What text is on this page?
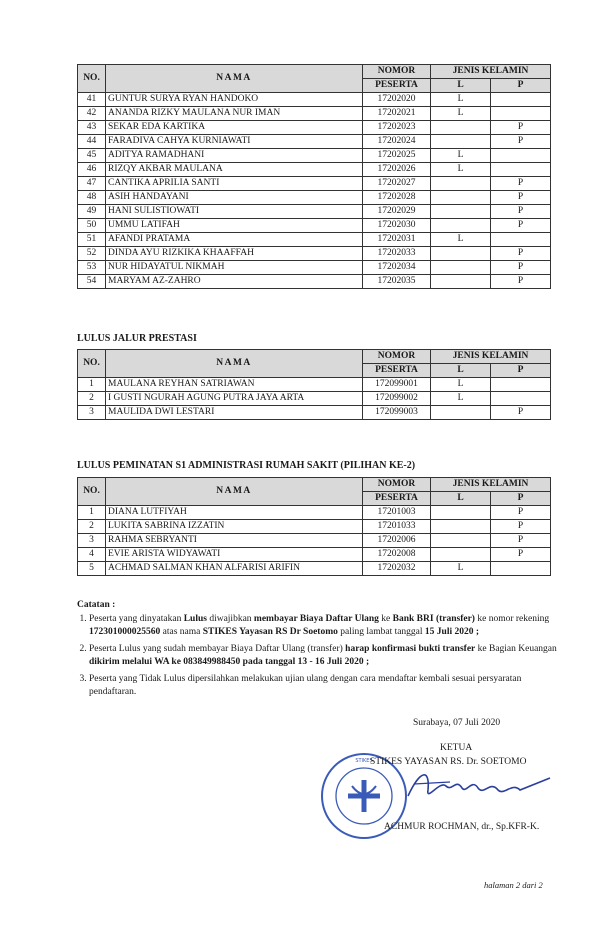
NO.	NAMA	NOMOR	JENIS KELAMIN	
		PESERTA	L	P
41	GUNTUR SURYA RYAN HANDOKO	17202020	L	
42	ANANDA RIZKY MAULANA NUR IMAN	17202021	L	
43	SEKAR EDA KARTIKA	17202023		P
44	FARADIVA CAHYA KURNIAWATI	17202024		P
45	ADITYA RAMADHANI	17202025	L	
46	RIZQY AKBAR MAULANA	17202026	L	
47	CANTIKA APRILIA SANTI	17202027		P
48	ASIH HANDAYANI	17202028		P
49	HANI SULISTIOWATI	17202029		P
50	UMMU LATIFAH	17202030		P
51	AFANDI PRATAMA	17202031	L	
52	DINDA AYU RIZKIKA KHAAFFAH	17202033		P
53	NUR HIDAYATUL NIKMAH	17202034		P
54	MARYAM AZ-ZAHRO	17202035		P
LULUS JALUR PRESTASI
NO.	NAMA	NOMOR	JENIS KELAMIN	
		PESERTA	L	P
1	MAULANA REYHAN SATRIAWAN	172099001	L	
2	I GUSTI NGURAH AGUNG PUTRA JAYA ARTA	172099002	L	
3	MAULIDA DWI LESTARI	172099003		P
LULUS PEMINATAN S1 ADMINISTRASI RUMAH SAKIT (PILIHAN KE-2)
NO.	NAMA	NOMOR	JENIS KELAMIN	
		PESERTA	L	P
1	DIANA LUTFIYAH	17201003		P
2	LUKITA SABRINA IZZATIN	17201033		P
3	RAHMA SEBRYANTI	17202006		P
4	EVIE ARISTA WIDYAWATI	17202008		P
5	ACHMAD SALMAN KHAN ALFARISI ARIFIN	17202032	L	
Catatan :
1. Peserta yang dinyatakan Lulus diwajibkan membayar Biaya Daftar Ulang ke Bank BRI (transfer) ke nomor rekening 172301000025560 atas nama STIKES Yayasan RS Dr Soetomo paling lambat tanggal 15 Juli 2020 ;
2. Peserta Lulus yang sudah membayar Biaya Daftar Ulang (transfer) harap konfirmasi bukti transfer ke Bagian Keuangan dikirim melalui WA ke 083849988450 pada tanggal 13 - 16 Juli 2020 ;
3. Peserta yang Tidak Lulus dipersilahkan melakukan ujian ulang dengan cara mendaftar kembali sesuai persyaratan pendaftaran.
Surabaya, 07 Juli 2020
KETUA
STIKES
STIKES YAYASAN RS. Dr. SOETOMO
ACHMUR ROCHMAN, dr., Sp.KFR-K.
halaman 2 dari 2
